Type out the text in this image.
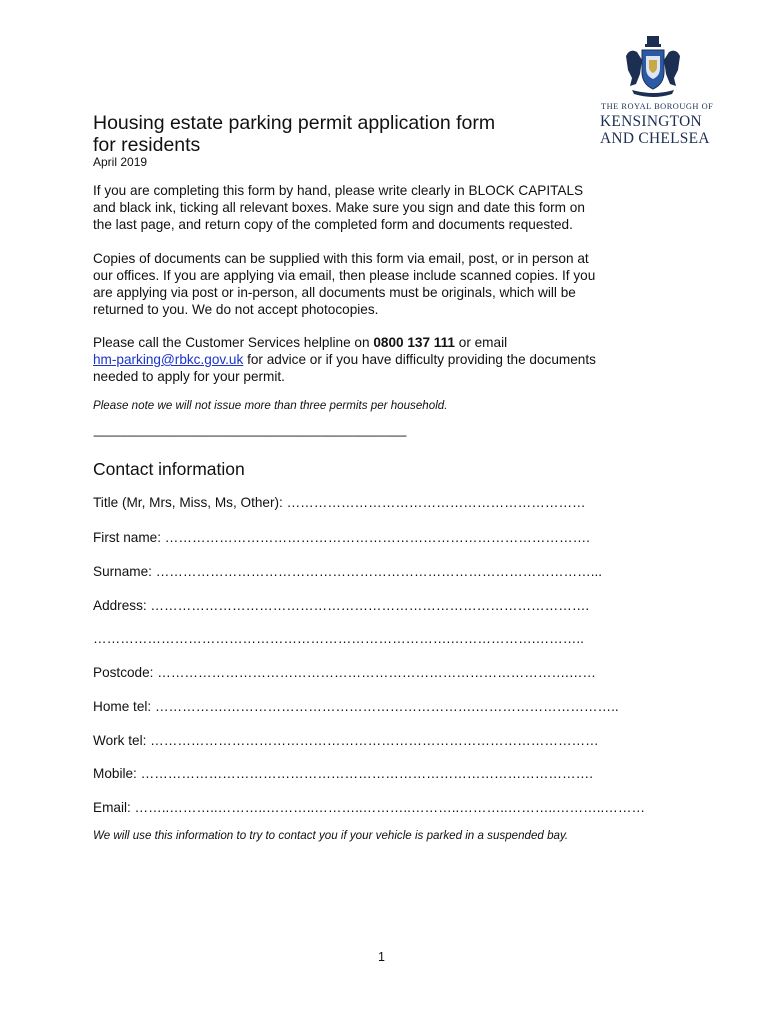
THE ROYAL BOROUGH OF
KENSINGTON
AND CHELSEA
Housing estate parking permit application form
for residents
April 2019
If you are completing this form by hand, please write clearly in BLOCK CAPITALS
and black ink, ticking all relevant boxes. Make sure you sign and date this form on
the last page, and return copy of the completed form and documents requested.
Copies of documents can be supplied with this form via email, post, or in person at
our offices. If you are applying via email, then please include scanned copies. If you
are applying via post or in-person, all documents must be originals, which will be
returned to you. We do not accept photocopies.
Please call the Customer Services helpline on 0800 137 111 or email
hm-parking@rbkc.gov.uk for advice or if you have difficulty providing the documents
needed to apply for your permit.
Please note we will not issue more than three permits per household.
-------------------------------------------------------------------------------------------------------------------------------
Contact information
Title (Mr, Mrs, Miss, Ms, Other): …………………………………………………………
First name: ………………………………………………………………………………….
Surname: ……………………………………………………………………………………...
Address: …………………………………………………………………………………….
…………………………………………………………………….……………….………..
Postcode: ……………………………………………………………………………….……
Home tel: …………….……………………………………………….…………………………..
Work tel: ………………………………………………………………………………………
Mobile: ……………………………………………………………………………………….
Email: ……..………..………..………..………..………..………..………..………..………..………
We will use this information to try to contact you if your vehicle is parked in a suspended bay.
1
